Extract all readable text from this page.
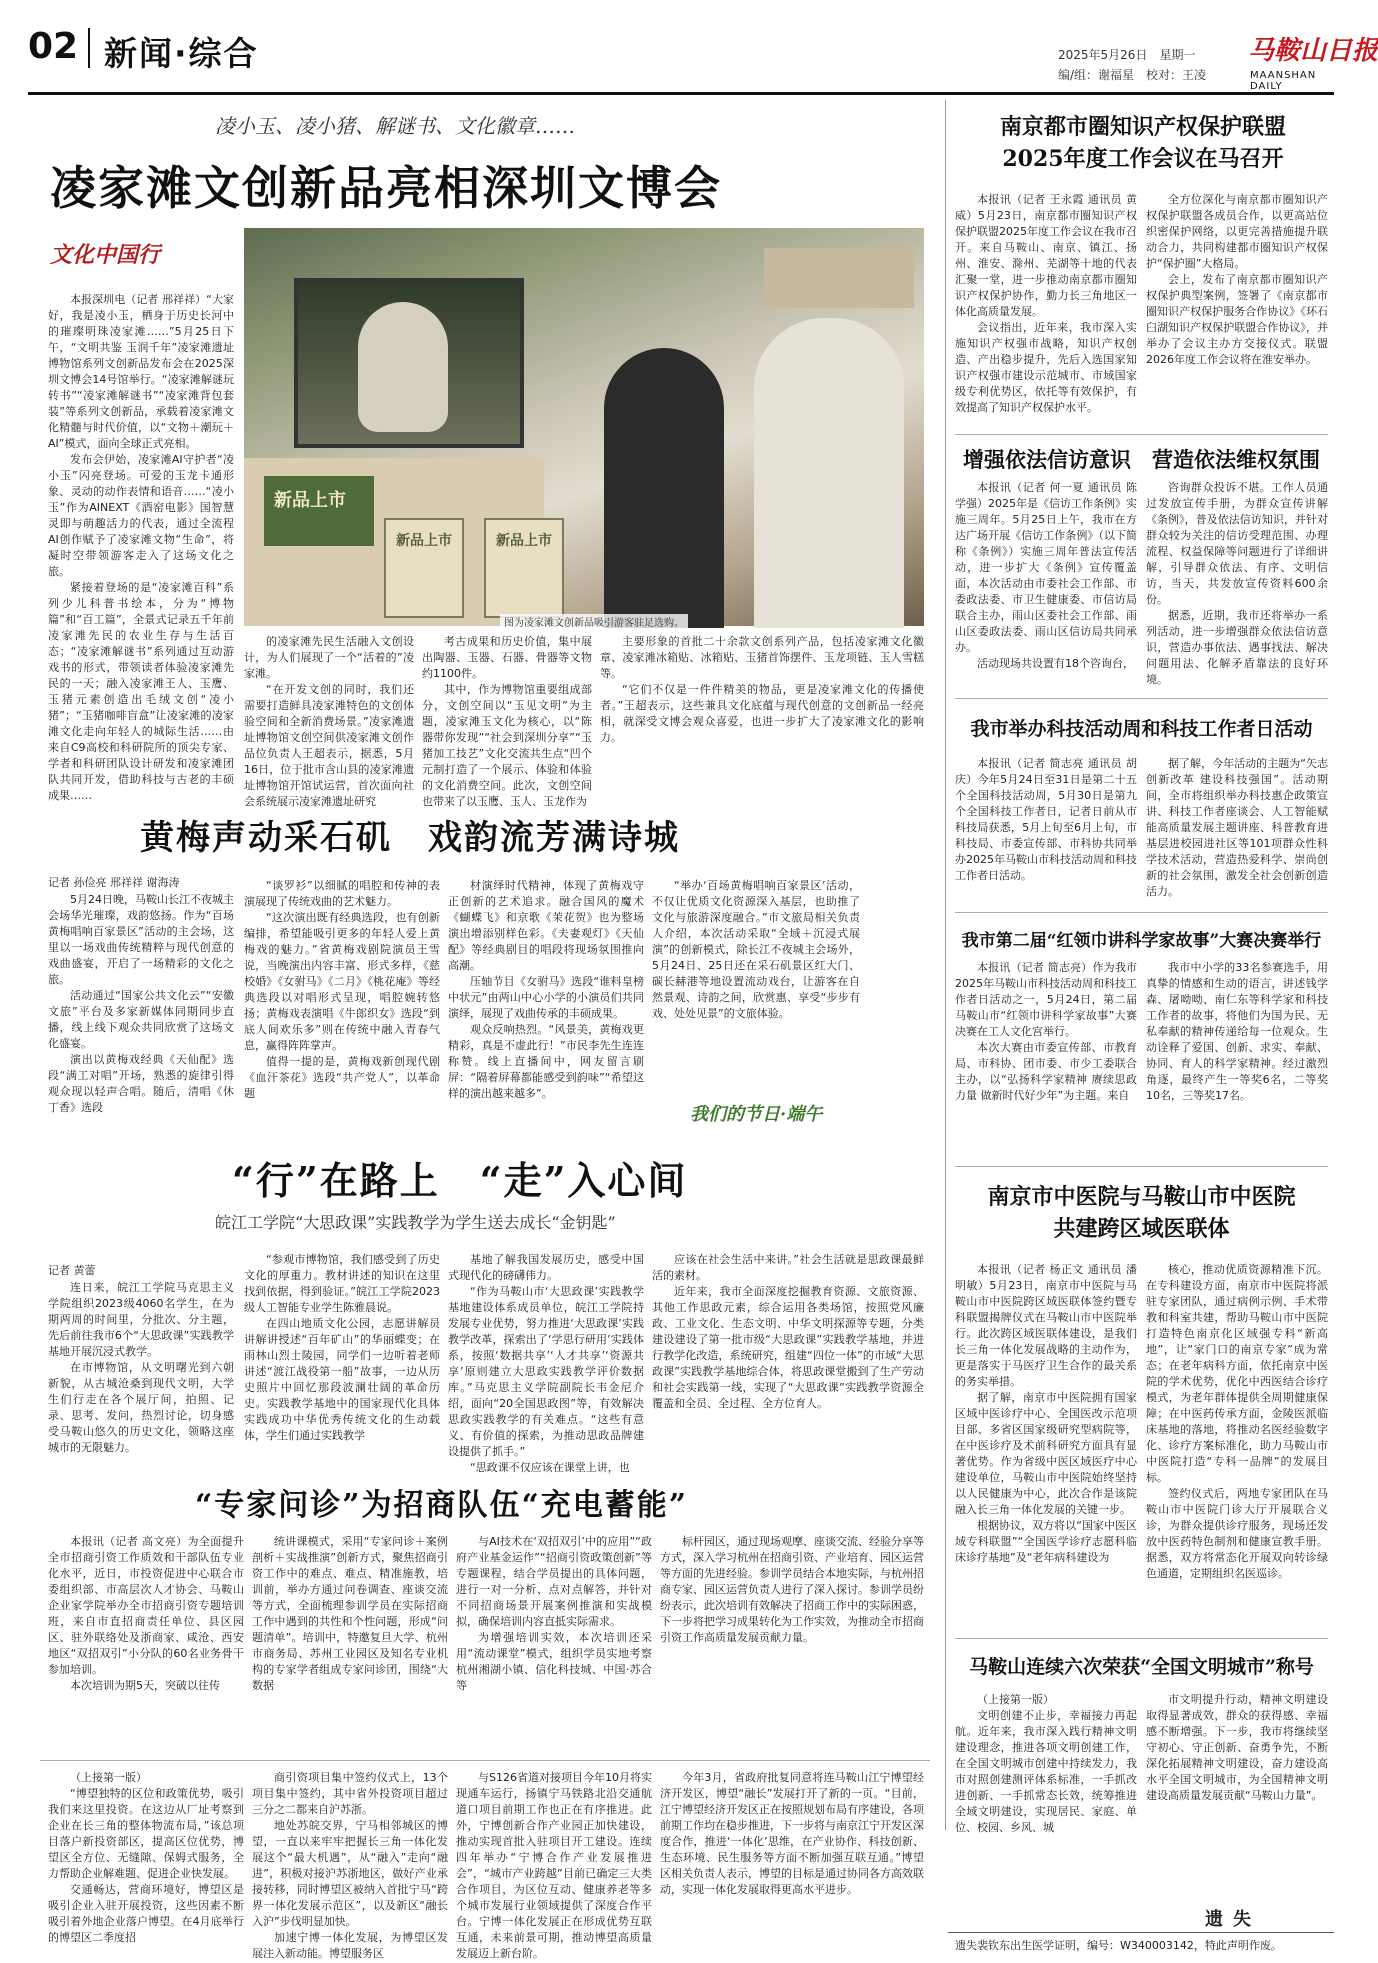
02 新闻·综合	2025年5月26日　星期一
编/组：谢福星　校对：王凌
马鞍山日报
MAANSHAN DAILY
凌小玉、凌小猪、解谜书、文化徽章……
凌家滩文创新品亮相深圳文博会
文化中国行
新品上市
新品上市	新品上市
图为凌家滩文创新品吸引游客驻足选购。

本报深圳电（记者 邢祥祥）“大家好，我是凌小玉，栖身于历史长河中的璀璨明珠凌家滩……”5月25日下午，“文明共鉴 玉润千年”凌家滩遗址博物馆系列文创新品发布会在2025深圳文博会14号馆举行。“凌家滩解谜玩转书”“凌家滩解谜书”“凌家滩背包套装”等系列文创新品，承载着凌家滩文化精髓与时代价值，以“文物＋潮玩＋AI”模式，面向全球正式亮相。

发布会伊始，凌家滩AI守护者“凌小玉”闪亮登场。可爱的玉龙卡通形象、灵动的动作表情和语音……“凌小玉”作为AINEXT《酒窑电影》国智慧灵即与萌趣活力的代表，通过全流程AI创作赋予了凌家滩文物“生命”，将凝时空带领游客走入了这场文化之旅。

紧接着登场的是“凌家滩百科”系列少儿科普书绘本，分为“博物篇”和“百工篇”，全景式记录五千年前凌家滩先民的农业生存与生活百态；“凌家滩解谜书”系列通过互动游戏书的形式，带领读者体验凌家滩先民的一天；融入凌家滩王人、玉鹰、玉猪元素创造出毛绒文创“凌小猪”；“玉猪咖啡盲盒”让凌家滩的凌家滩文化走向年轻人的城际生活……由来自C9高校和科研院所的顶尖专家、学者和科研团队设计研发和凌家滩团队共同开发，借助科技与古老的丰硕成果……

的凌家滩先民生活融入文创设计，为人们展现了一个“活着的”凌家滩。

“在开发文创的同时，我们还需要打造鲜具凌家滩特色的文创体验空间和全新消费场景。”凌家滩遗址博物馆文创空间供凌家滩文创作品位负责人王超表示，据悉，5月16日，位于批市含山县的凌家滩遗址博物馆开馆试运营，首次面向社会系统展示凌家滩遗址研究

考古成果和历史价值，集中展出陶器、玉器、石器、骨器等文物约1100件。

其中，作为博物馆重要组成部分，文创空间以“玉见文明”为主题，凌家滩玉文化为核心，以“陈器带你发现”“社会到深圳分享”“玉猪加工技艺”文化交流共生点“凹个元制打造了一个展示、体验和体验的文化消费空间。此次，文创空间也带来了以玉鹰、玉人、玉龙作为

主要形象的首批二十余款文创系列产品，包括凌家滩文化徽章、凌家滩冰箱贴、冰箱贴、玉猪首饰摆件、玉龙项链、玉人雪糕等。

“它们不仅是一件件精美的物品，更是凌家滩文化的传播使者。”王超表示，这些兼具文化底蕴与现代创意的文创新品一经亮相，就深受文博会观众喜爱，也进一步扩大了凌家滩文化的影响力。

黄梅声动采石矶　戏韵流芳满诗城
记者 孙俭亮 邢祥祥 谢海涛

5月24日晚，马鞍山长江不夜城主会场华光璀璨，戏韵悠扬。作为“百场黄梅唱响百家景区”活动的主会场，这里以一场戏曲传统精粹与现代创意的戏曲盛宴，开启了一场精彩的文化之旅。

活动通过“国家公共文化云”“安徽文旅”平台及多家新媒体同期同步直播，线上线下观众共同欣赏了这场文化盛宴。

演出以黄梅戏经典《天仙配》选段“满工对唱”开场，熟悉的旋律引得观众现以轻声合唱。随后，清唱《休丁香》选段

“谈罗衫”以细腻的唱腔和传神的表演展现了传统戏曲的艺术魅力。

“这次演出既有经典选段，也有创新编排，希望能吸引更多的年轻人爱上黄梅戏的魅力。”省黄梅戏剧院演员王雪说，当晚演出内容丰富、形式多样，《慈校婚》《女驸马》《二月》《桃花庵》等经典选段以对唱形式呈现，唱腔婉转悠扬；黄梅戏表演唱《牛郎织女》选段“到底人间欢乐多”则在传统中融入青春气息，赢得阵阵掌声。

值得一提的是，黄梅戏新创现代剧《血汗茶花》选段“共产党人”，以革命题

材演绎时代精神，体现了黄梅戏守正创新的艺术追求。融合国风的魔术《蝴蝶飞》和京歌《茉花贺》也为整场演出增添别样色彩。《夫妻观灯》《天仙配》等经典剧目的唱段将现场氛围推向高潮。

压轴节目《女驸马》选段“谁料皇榜中状元”由两山中心小学的小演员们共同演绎，展现了戏曲传承的丰硕成果。

观众反响热烈。“风景美，黄梅戏更精彩，真是不虚此行！”市民李先生连连称赞。线上直播间中，网友留言刷屏：“隔着屏幕都能感受到韵味”“希望这样的演出越来越多”。

“举办‘百场黄梅唱响百家景区’活动，不仅让优质文化资源深入基层，也助推了文化与旅游深度融合。”市文旅局相关负责人介绍，本次活动采取“全域＋沉浸式展演”的创新模式，除长江不夜城主会场外，5月24日、25日还在采石矶景区红大门、碳长赫港等地设置流动戏台，让游客在自然景观、诗韵之间，欣赏惠、享受“步步有戏、处处见景”的文旅体验。

我们的节日·端午
“行”在路上　“走”入心间
皖江工学院“大思政课”实践教学为学生送去成长“金钥匙”
记者 黄蕾

连日来，皖江工学院马克思主义学院组织2023级4060名学生，在为期两周的时间里，分批次、分主题，先后前往我市6个“大思政课”实践教学基地开展沉浸式教学。

在市博物馆，从文明曙光到六朝新貌，从古城沧桑到现代文明，大学生们行走在各个展厅间，拍照、记录、思考、发问，热烈讨论，切身感受马鞍山悠久的历史文化，领略这座城市的无限魅力。

“参观市博物馆，我们感受到了历史文化的厚重力。教材讲述的知识在这里找到依据，得到验证。”皖江工学院2023级人工智能专业学生陈雅晨说。

在四山地质文化公园，志愿讲解员讲解讲授述“百年矿山”的华丽蝶变；在雨林山烈士陵园，同学们一边听着老师讲述“渡江战役第一船”故事，一边从历史照片中回忆那段波澜壮阔的革命历史。实践教学基地中的国家现代化具体实践成功中华优秀传统文化的生动载体，学生们通过实践教学

基地了解我国发展历史，感受中国式现代化的磅礴伟力。

“作为马鞍山市‘大思政课’实践教学基地建设体系成员单位，皖江工学院持发展专业优势，努力推进‘大思政课’实践教学改革，探索出了‘学思行研用’实践体系，按照‘数据共享’‘人才共享’‘资源共享’原则建立大思政实践教学评价数据库。”马克思主义学院副院长韦金尼介绍，面向“20全国思政图”等，有效解决思政实践教学的有关难点。“这些有意义、有价值的探索，为推动思政品牌建设提供了抓手。”

“思政课不仅应该在课堂上讲，也

应该在社会生活中来讲。”社会生活就是思政课最鲜活的素材。

近年来，我市全面深度挖掘教育资源、文旅资源、其他工作思政元素，综合运用各类场馆，按照党风廉政、工业文化、生态文明、中华文明探源等专题，分类建设建设了第一批市级“大思政课”实践教学基地，并进行教学化改造，系统研究，组建“四位一体”的市域“大思政课”实践教学基地综合体，将思政课堂搬到了生产劳动和社会实践第一线，实现了“大思政课”实践教学资源全覆盖和全员、全过程、全方位育人。

“专家问诊”为招商队伍“充电蓄能”

本报讯（记者 高文亮）为全面提升全市招商引资工作质效和干部队伍专业化水平，近日，市投资促进中心联合市委组织部、市高层次人才协会、马鞍山企业家学院举办全市招商引资专题培训班，来自市直招商责任单位、县区园区、驻外联络处及浙商家、咸沧、西安地区“双招双引”小分队的60名业务骨干参加培训。

本次培训为期5天，突破以往传

统讲课模式，采用“专家问诊＋案例剖析＋实战推演”创新方式，聚焦招商引资工作中的难点、难点、精准施教，培训前，举办方通过问卷调查、座谈交流等方式，全面梳理参训学员在实际招商工作中遇到的共性和个性问题，形成“问题清单”。培训中，特邀复旦大学、杭州市商务局、苏州工业园区及知名专业机构的专家学者组成专家问诊团，围绕“大数据

与AI技术在‘双招双引’中的应用”“政府产业基金运作”“招商引资政策创新”等专题课程，结合学员提出的具体问题，进行一对一分析、点对点解答，并针对不同招商场景开展案例推演和实战模拟，确保培训内容直抵实际需求。

为增强培训实效，本次培训还采用“流动课堂”模式，组织学员实地考察杭州湘湖小镇、信化科技城、中国·苏合等

标杆园区，通过现场观摩、座谈交流、经验分享等方式，深入学习杭州在招商引资、产业培育、园区运营等方面的先进经验。参训学员结合本地实际，与杭州招商专家、园区运营负责人进行了深入探讨。参训学员纷纷表示，此次培训有效解决了招商工作中的实际困惑，下一步将把学习成果转化为工作实效，为推动全市招商引资工作高质量发展贡献力量。

（上接第一版）

“博望独特的区位和政策优势，吸引我们来这里投资。在这边从厂址考察到企业在长三角的整体物流布局，”该总项目落户新投资部区，提高区位优势，博望区全方位、无缝隙、保姆式服务，全力帮助企业解难题、促进企业快发展。

交通畅达，营商环境好，博望区是吸引企业入驻开展投资，这些因素不断吸引着外地企业落户博望。在4月底举行的博望区二季度招

商引资项目集中签约仪式上，13个项目集中签约，其中省外投资项目超过三分之二都来自沪苏浙。

地处苏皖交界，宁马相邻城区的博望，一直以来牢牢把握长三角一体化发展这个“最大机遇”，从“融入”走向“融进”，积极对接沪苏浙地区，做好产业承接转移，同时博望区被纳入首批宁马“跨界一体化发展示范区”，以及新区“融长入沪”步伐明显加快。

加速宁博一体化发展，为博望区发展注入新动能。博望服务区

与S126省道对接项目今年10月将实现通车运行，扬镇宁马铁路北沿交通航道口项目前期工作也正在有序推进。此外，宁博创新合作产业园正加快建设，推动实现首批入驻项目开工建设。连续四年举办“宁博合作产业发展推进会”，“城市产业跨越”目前已确定三大类合作项目，为区位互动、健康养老等多个城市发展行业领域提供了深度合作平台。宁博一体化发展正在形成优势互联互通，未来前景可期，推动博望高质量发展迈上新台阶。

今年3月，省政府批复同意将连马鞍山江宁博望经济开发区，博望“融长”发展打开了新的一页。“目前，江宁博望经济开发区正在按照规划布局有序建设，各项前期工作均在稳步推进，下一步将与南京江宁开发区深度合作，推进‘一体化’思维，在产业协作、科技创新、生态环境、民生服务等方面不断加强互联互通。”博望区相关负责人表示，博望的目标是通过协同各方高效联动，实现一体化发展取得更高水平进步。

南京都市圈知识产权保护联盟
2025年度工作会议在马召开

本报讯（记者 王永霞 通讯员 黄威）5月23日，南京都市圈知识产权保护联盟2025年度工作会议在我市召开。来自马鞍山、南京、镇江、扬州、淮安、滁州、芜湖等十地的代表汇聚一堂，进一步推动南京都市圈知识产权保护协作，勤力长三角地区一体化高质量发展。

会议指出，近年来，我市深入实施知识产权强市战略，知识产权创造、产出稳步提升，先后入选国家知识产权强市建设示范城市、市域国家级专利优势区，依托等有效保护，有效提高了知识产权保护水平。

全方位深化与南京都市圈知识产权保护联盟各成员合作，以更高站位织密保护网络，以更完善措施提升联动合力，共同构建都市圈知识产权保护“保护圈”大格局。

会上，发布了南京都市圈知识产权保护典型案例，签署了《南京都市圈知识产权保护服务合作协议》《环石臼湖知识产权保护联盟合作协议》，并举办了会议主办方交接仪式。联盟2026年度工作会议将在淮安举办。

增强依法信访意识　营造依法维权氛围

本报讯（记者 何一夏 通讯员 陈学强）2025年是《信访工作条例》实施三周年。5月25日上午，我市在方达广场开展《信访工作条例》（以下简称《条例》）实施三周年普法宣传活动，进一步扩大《条例》宣传覆盖面，本次活动由市委社会工作部、市委政法委、市卫生健康委、市信访局联合主办，雨山区委社会工作部、雨山区委政法委、雨山区信访局共同承办。

活动现场共设置有18个咨询台，

咨询群众投诉不堪。工作人员通过发放宣传手册，为群众宣传讲解《条例》，普及依法信访知识，并针对群众较为关注的信访受理范围、办理流程、权益保障等问题进行了详细讲解，引导群众依法、有序、文明信访，当天，共发放宣传资料600余份。

据悉，近期，我市还将举办一系列活动，进一步增强群众依法信访意识，营造办事依法、遇事找法、解决问题用法、化解矛盾靠法的良好环境。

我市举办科技活动周和科技工作者日活动

本报讯（记者 简志亮 通讯员 胡庆）今年5月24日至31日是第二十五个全国科技活动周，5月30日是第九个全国科技工作者日，记者日前从市科技局获悉，5月上旬至6月上旬，市科技局、市委宣传部、市科协共同举办2025年马鞍山市科技活动周和科技工作者日活动。

据了解，今年活动的主题为“矢志创新改革 建设科技强国”。活动期间，全市将组织举办科技惠企政策宣讲、科技工作者座谈会、人工智能赋能高质量发展主题讲座、科普教育进基层进校园进社区等101项群众性科学技术活动，营造热爱科学、崇尚创新的社会氛围，激发全社会创新创造活力。

我市第二届“红领巾讲科学家故事”大赛决赛举行

本报讯（记者 简志亮）作为我市2025年马鞍山市科技活动周和科技工作者日活动之一，5月24日，第二届马鞍山市“红领巾讲科学家故事”大赛决赛在工人文化宫举行。

本次大赛由市委宣传部、市教育局、市科协、团市委、市少工委联合主办，以“弘扬科学家精神 赓续思政力量 做新时代好少年”为主题。来自

我市中小学的33名参赛选手，用真挚的情感和生动的语言，讲述钱学森、屠呦呦、南仁东等科学家和科技工作者的故事，将他们为国为民、无私奉献的精神传递给每一位观众。生动诠释了爱国、创新、求实、奉献、协同、育人的科学家精神。经过激烈角逐，最终产生一等奖6名，二等奖10名，三等奖17名。

南京市中医院与马鞍山市中医院
共建跨区域医联体

本报讯（记者 杨正文 通讯员 潘明敏）5月23日，南京市中医院与马鞍山市中医院跨区域医联体签约暨专科联盟揭牌仪式在马鞍山市中医院举行。此次跨区域医联体建设，是我们长三角一体化发展战略的主动作为，更是落实于马医疗卫生合作的最关系的务实举措。

据了解，南京市中医院拥有国家区域中医诊疗中心、全国医改示范项目部、多省区国家级研究型病院等，在中医诊疗及术前科研究方面具有显著优势。作为省级中医区域医疗中心建设单位，马鞍山市中医院始终坚持以人民健康为中心，此次合作是该院融入长三角一体化发展的关键一步。

根据协议，双方将以“国家中医区域专科联盟”“全国医学诊疗志愿科临床诊疗基地”及“老年病科建设为

核心，推动优质资源精准下沉。在专科建设方面，南京市中医院将派驻专家团队，通过病例示例、手术带教和科室共建，帮助马鞍山市中医院打造特色南京化区域强专科“新高地”，让“家门口的南京专家”成为常态；在老年病科方面，依托南京中医院的学术优势，优化中西医结合诊疗模式，为老年群体提供全周期健康保障；在中医药传承方面，金陵医派临床基地的落地，将推动名医经验数字化、诊疗方案标准化，助力马鞍山市中医院打造“专科一品牌”的发展目标。

签约仪式后，两地专家团队在马鞍山市中医院门诊大厅开展联合义诊，为群众提供诊疗服务，现场还发放中医药特色制剂和健康宣教手册。据悉，双方将常态化开展双向转诊绿色通道，定期组织名医巡诊。

马鞍山连续六次荣获“全国文明城市”称号

（上接第一版）

文明创建不止步，幸福接力再起航。近年来，我市深入践行精神文明建设理念，推进各项文明创建工作，在全国文明城市创建中持续发力，我市对照创建测评体系标准，一手抓改进创新、一手抓常态长效，统筹推进全域文明建设，实现居民、家庭、单位、校园、乡风、城

市文明提升行动，精神文明建设取得显著成效，群众的获得感、幸福感不断增强。下一步，我市将继续坚守初心、守正创新、奋勇争先，不断深化拓展精神文明建设，奋力建设高水平全国文明城市，为全国精神文明建设高质量发展贡献“马鞍山力量”。

遗失
遗失裴钦东出生医学证明，编号：W340003142，特此声明作废。
